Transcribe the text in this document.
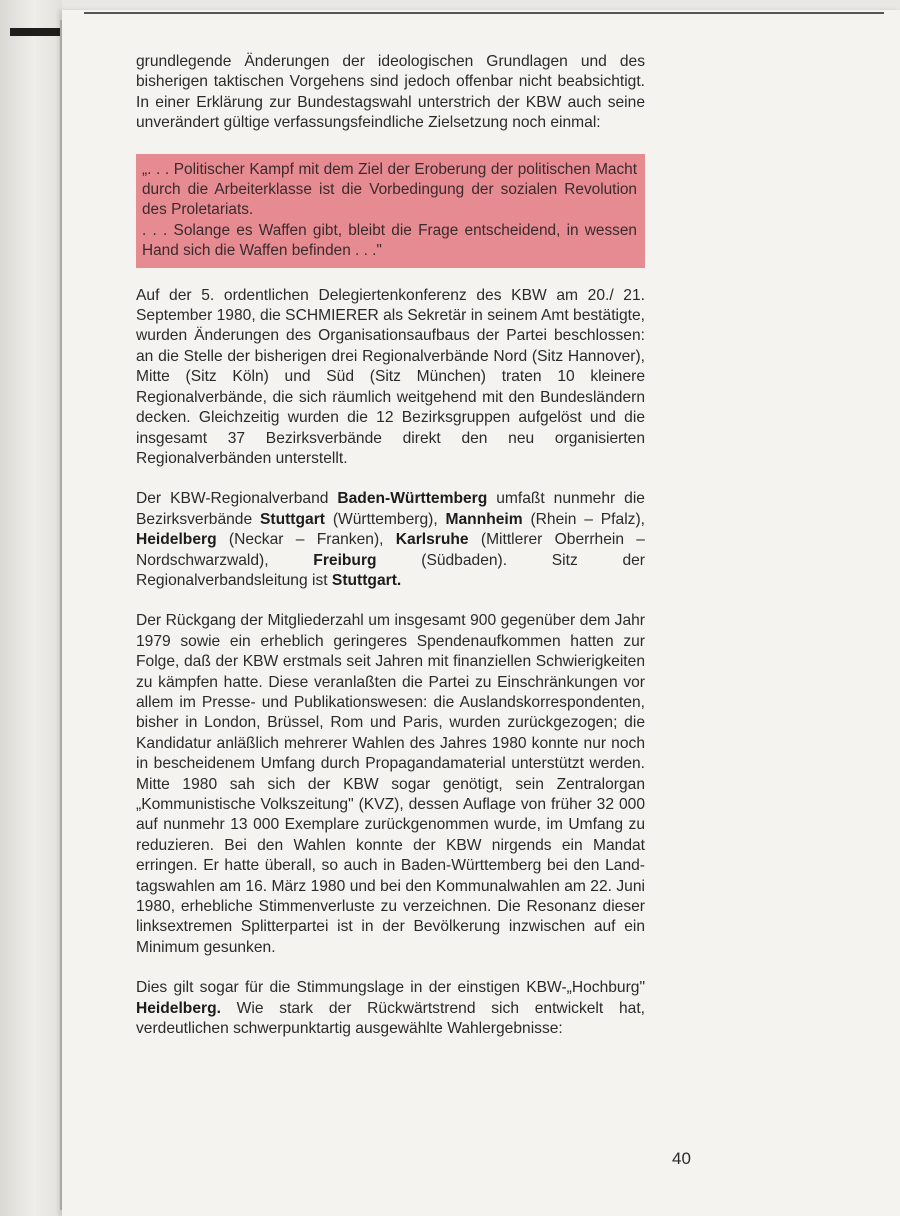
grundlegende Änderungen der ideologischen Grundlagen und des bisherigen taktischen Vorgehens sind jedoch offenbar nicht beabsichtigt. In einer Erklärung zur Bundestagswahl unterstrich der KBW auch seine unverändert gültige verfassungsfeindliche Zielsetzung noch einmal:

„. . . Politischer Kampf mit dem Ziel der Eroberung der politischen Macht durch die Arbeiterklasse ist die Vorbedingung der sozialen Revolution des Proletariats.

. . . Solange es Waffen gibt, bleibt die Frage entscheidend, in wessen Hand sich die Waffen befinden . . ."

Auf der 5. ordentlichen Delegiertenkonferenz des KBW am 20./ 21. September 1980, die SCHMIERER als Sekretär in seinem Amt bestätigte, wurden Änderungen des Organisationsaufbaus der Partei beschlossen: an die Stelle der bisherigen drei Regionalverbände Nord (Sitz Hannover), Mitte (Sitz Köln) und Süd (Sitz München) traten 10 kleinere Regionalverbände, die sich räumlich weitgehend mit den Bundesländern decken. Gleichzeitig wurden die 12 Bezirksgruppen aufgelöst und die insgesamt 37 Bezirksverbände direkt den neu organisierten Regionalverbänden unterstellt.

Der KBW-Regionalverband Baden-Württemberg umfaßt nunmehr die Bezirksverbände Stuttgart (Württemberg), Mannheim (Rhein – Pfalz), Heidelberg (Neckar – Franken), Karlsruhe (Mittlerer Oberrhein – Nordschwarzwald), Freiburg (Südbaden). Sitz der Regionalverbandsleitung ist Stuttgart.

Der Rückgang der Mitgliederzahl um insgesamt 900 gegenüber dem Jahr 1979 sowie ein erheblich geringeres Spendenaufkommen hatten zur Folge, daß der KBW erstmals seit Jahren mit finanziellen Schwierigkeiten zu kämpfen hatte. Diese veranlaßten die Partei zu Einschränkungen vor allem im Presse- und Publikationswesen: die Auslandskorrespondenten, bisher in London, Brüssel, Rom und Paris, wurden zurückgezogen; die Kandidatur anläßlich mehrerer Wahlen des Jahres 1980 konnte nur noch in bescheidenem Umfang durch Propagandamaterial unterstützt werden. Mitte 1980 sah sich der KBW sogar genötigt, sein Zentralorgan „Kommunistische Volkszeitung" (KVZ), dessen Auflage von früher 32 000 auf nunmehr 13 000 Exemplare zurückgenommen wurde, im Umfang zu reduzieren. Bei den Wahlen konnte der KBW nirgends ein Mandat erringen. Er hatte überall, so auch in Baden-Württemberg bei den Landtagswahlen am 16. März 1980 und bei den Kommunalwahlen am 22. Juni 1980, erhebliche Stimmenverluste zu verzeichnen. Die Resonanz dieser linksextremen Splitterpartei ist in der Bevölkerung inzwischen auf ein Minimum gesunken.

Dies gilt sogar für die Stimmungslage in der einstigen KBW-„Hochburg" Heidelberg. Wie stark der Rückwärtstrend sich entwickelt hat, verdeutlichen schwerpunktartig ausgewählte Wahlergebnisse:

40
